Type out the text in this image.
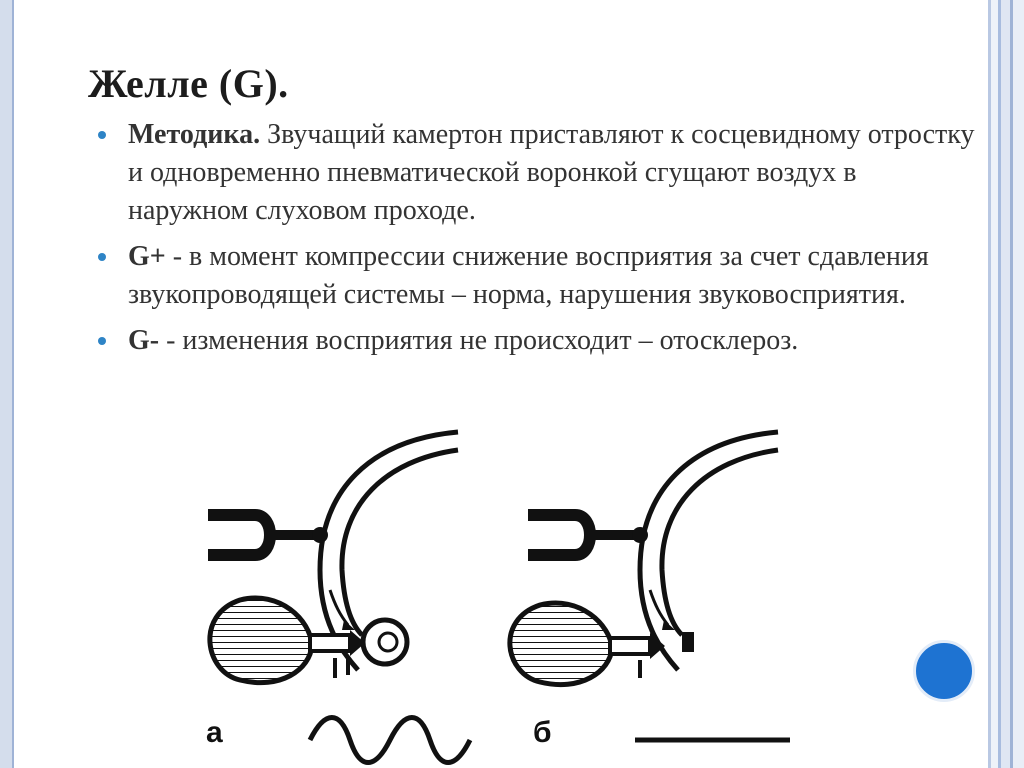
Желле (G).
Методика. Звучащий камертон приставляют к сосцевидному отростку и одновременно пневматической воронкой сгущают воздух в наружном слуховом проходе.
G+ - в момент компрессии снижение восприятия за счет сдавления звукопроводящей системы – норма, нарушения звуковосприятия.
G- - изменения восприятия не происходит – отосклероз.
а	б
